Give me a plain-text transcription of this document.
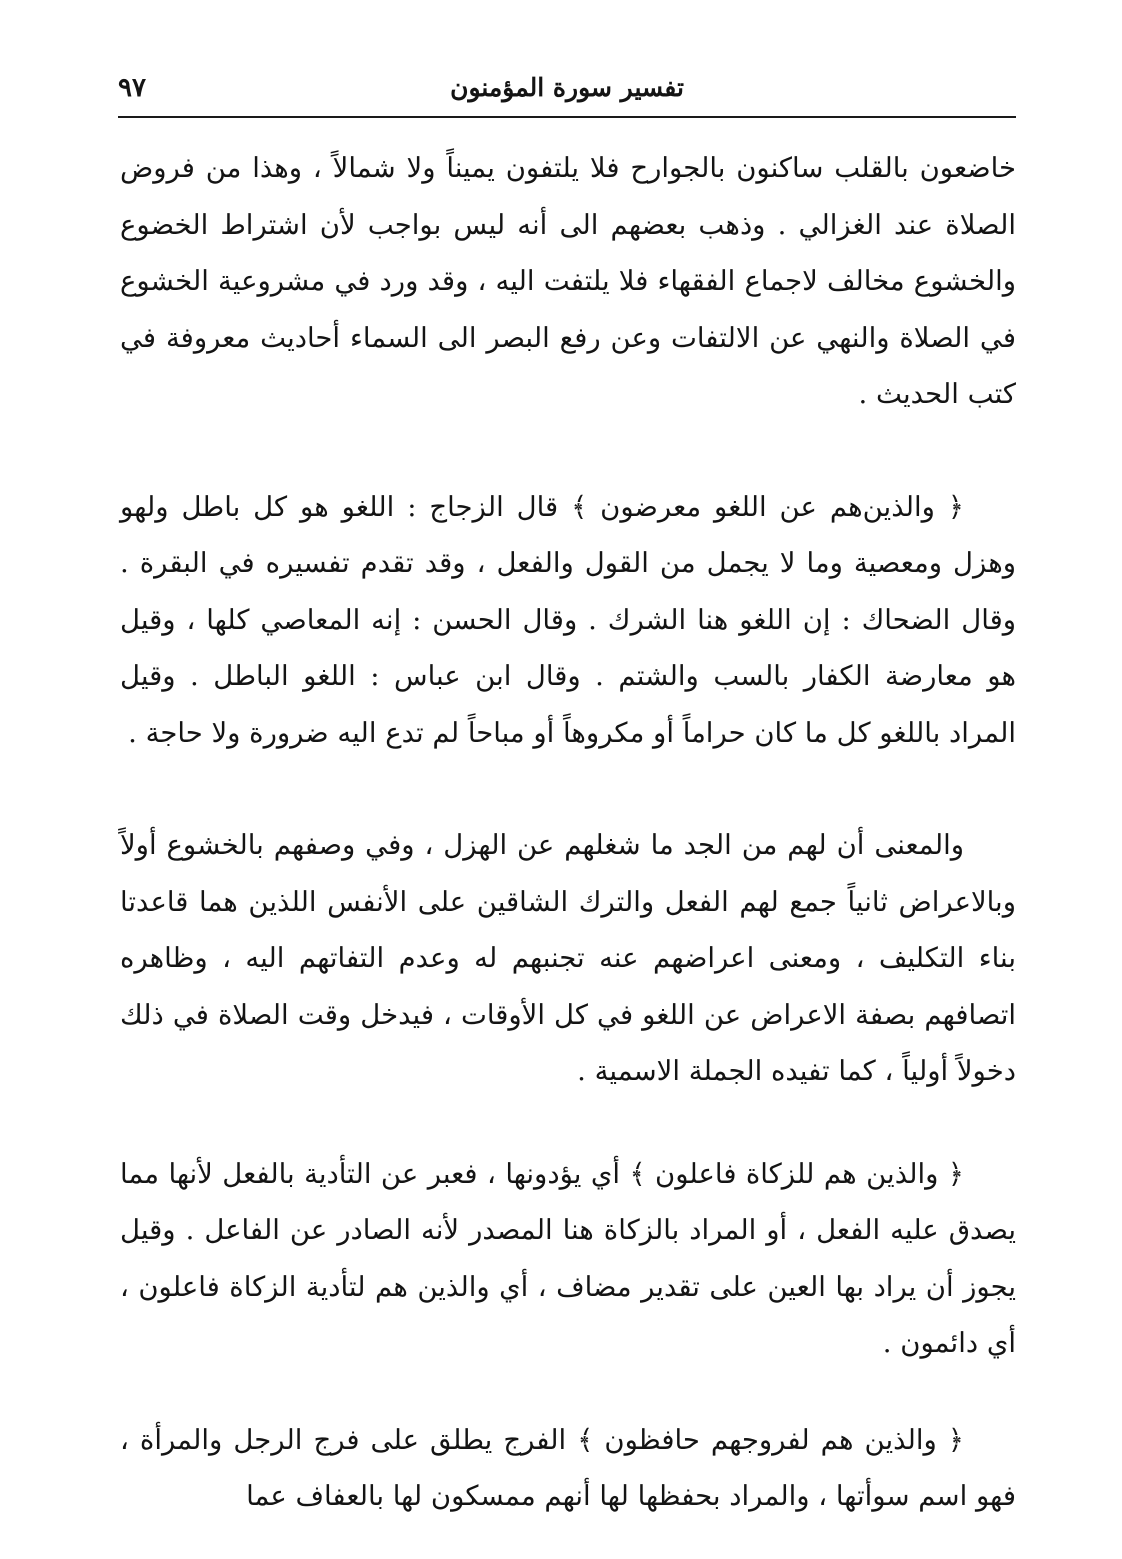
٩٧	تفسير سورة المؤمنون

خاضعون بالقلب ساكنون بالجوارح فلا يلتفون يميناً ولا شمالاً ، وهذا من فروض الصلاة عند الغزالي . وذهب بعضهم الى أنه ليس بواجب لأن اشتراط الخضوع والخشوع مخالف لاجماع الفقهاء فلا يلتفت اليه ، وقد ورد في مشروعية الخشوع في الصلاة والنهي عن الالتفات وعن رفع البصر الى السماء أحاديث معروفة في كتب الحديث .

﴿ والذين‌هم عن اللغو معرضون ﴾ قال الزجاج : اللغو هو كل باطل ولهو وهزل ومعصية وما لا يجمل من القول والفعل ، وقد تقدم تفسيره في البقرة . وقال الضحاك : إن اللغو هنا الشرك . وقال الحسن : إنه المعاصي كلها ، وقيل هو معارضة الكفار بالسب والشتم . وقال ابن عباس : اللغو الباطل . وقيل المراد باللغو كل ما كان حراماً أو مكروهاً أو مباحاً لم تدع اليه ضرورة ولا حاجة .

والمعنى أن لهم من الجد ما شغلهم عن الهزل ، وفي وصفهم بالخشوع أولاً وبالاعراض ثانياً جمع لهم الفعل والترك الشاقين على الأنفس اللذين هما قاعدتا بناء التكليف ، ومعنى اعراضهم عنه تجنبهم له وعدم التفاتهم اليه ، وظاهره اتصافهم بصفة الاعراض عن اللغو في كل الأوقات ، فيدخل وقت الصلاة في ذلك دخولاً أولياً ، كما تفيده الجملة الاسمية .

﴿ والذين هم للزكاة فاعلون ﴾ أي يؤدونها ، فعبر عن التأدية بالفعل لأنها مما يصدق عليه الفعل ، أو المراد بالزكاة هنا المصدر لأنه الصادر عن الفاعل . وقيل يجوز أن يراد بها العين على تقدير مضاف ، أي والذين هم لتأدية الزكاة فاعلون ، أي دائمون .

﴿ والذين هم لفروجهم حافظون ﴾ الفرج يطلق على فرج الرجل والمرأة ، فهو اسم سوأتها ، والمراد بحفظها لها أنهم ممسكون لها بالعفاف عما
